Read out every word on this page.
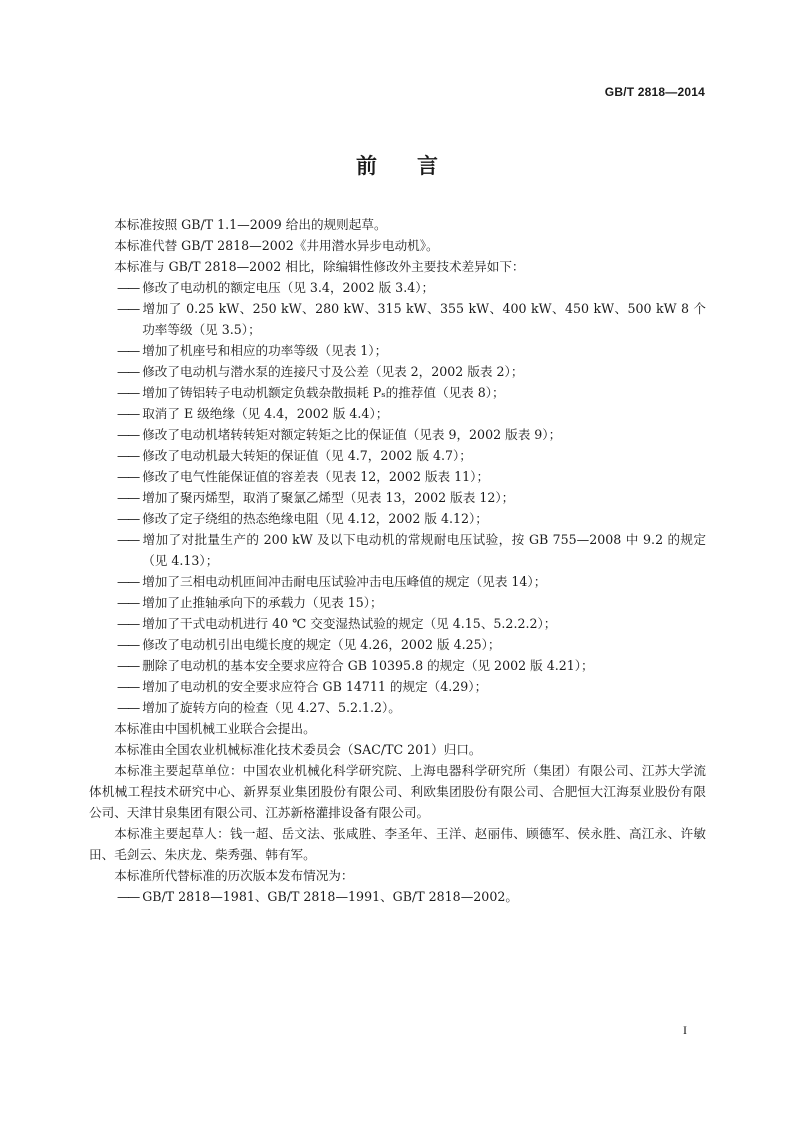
GB/T 2818—2014
前 言

本标准按照 GB/T 1.1—2009 给出的规则起草。

本标准代替 GB/T 2818—2002《井用潜水异步电动机》。

本标准与 GB/T 2818—2002 相比，除编辑性修改外主要技术差异如下：

—— 修改了电动机的额定电压（见 3.4，2002 版 3.4）；

—— 增加了 0.25 kW、250 kW、280 kW、315 kW、355 kW、400 kW、450 kW、500 kW 8 个功率等级（见 3.5）；

—— 增加了机座号和相应的功率等级（见表 1）；

—— 修改了电动机与潜水泵的连接尺寸及公差（见表 2，2002 版表 2）；

—— 增加了铸铝转子电动机额定负载杂散损耗 Pₛ的推荐值（见表 8）；

—— 取消了 E 级绝缘（见 4.4，2002 版 4.4）；

—— 修改了电动机堵转转矩对额定转矩之比的保证值（见表 9，2002 版表 9）；

—— 修改了电动机最大转矩的保证值（见 4.7，2002 版 4.7）；

—— 修改了电气性能保证值的容差表（见表 12，2002 版表 11）；

—— 增加了聚丙烯型，取消了聚氯乙烯型（见表 13，2002 版表 12）；

—— 修改了定子绕组的热态绝缘电阻（见 4.12，2002 版 4.12）；

—— 增加了对批量生产的 200 kW 及以下电动机的常规耐电压试验，按 GB 755—2008 中 9.2 的规定（见 4.13）；

—— 增加了三相电动机匝间冲击耐电压试验冲击电压峰值的规定（见表 14）；

—— 增加了止推轴承向下的承载力（见表 15）；

—— 增加了干式电动机进行 40 ℃ 交变湿热试验的规定（见 4.15、5.2.2.2）；

—— 修改了电动机引出电缆长度的规定（见 4.26，2002 版 4.25）；

—— 删除了电动机的基本安全要求应符合 GB 10395.8 的规定（见 2002 版 4.21）；

—— 增加了电动机的安全要求应符合 GB 14711 的规定（4.29）；

—— 增加了旋转方向的检查（见 4.27、5.2.1.2）。

本标准由中国机械工业联合会提出。

本标准由全国农业机械标准化技术委员会（SAC/TC 201）归口。

本标准主要起草单位：中国农业机械化科学研究院、上海电器科学研究所（集团）有限公司、江苏大学流体机械工程技术研究中心、新界泵业集团股份有限公司、利欧集团股份有限公司、合肥恒大江海泵业股份有限公司、天津甘泉集团有限公司、江苏新格灌排设备有限公司。

本标准主要起草人：钱一超、岳文法、张咸胜、李圣年、王洋、赵丽伟、顾德军、侯永胜、高江永、许敏田、毛剑云、朱庆龙、柴秀强、韩有军。

本标准所代替标准的历次版本发布情况为：

—— GB/T 2818—1981、GB/T 2818—1991、GB/T 2818—2002。

I
